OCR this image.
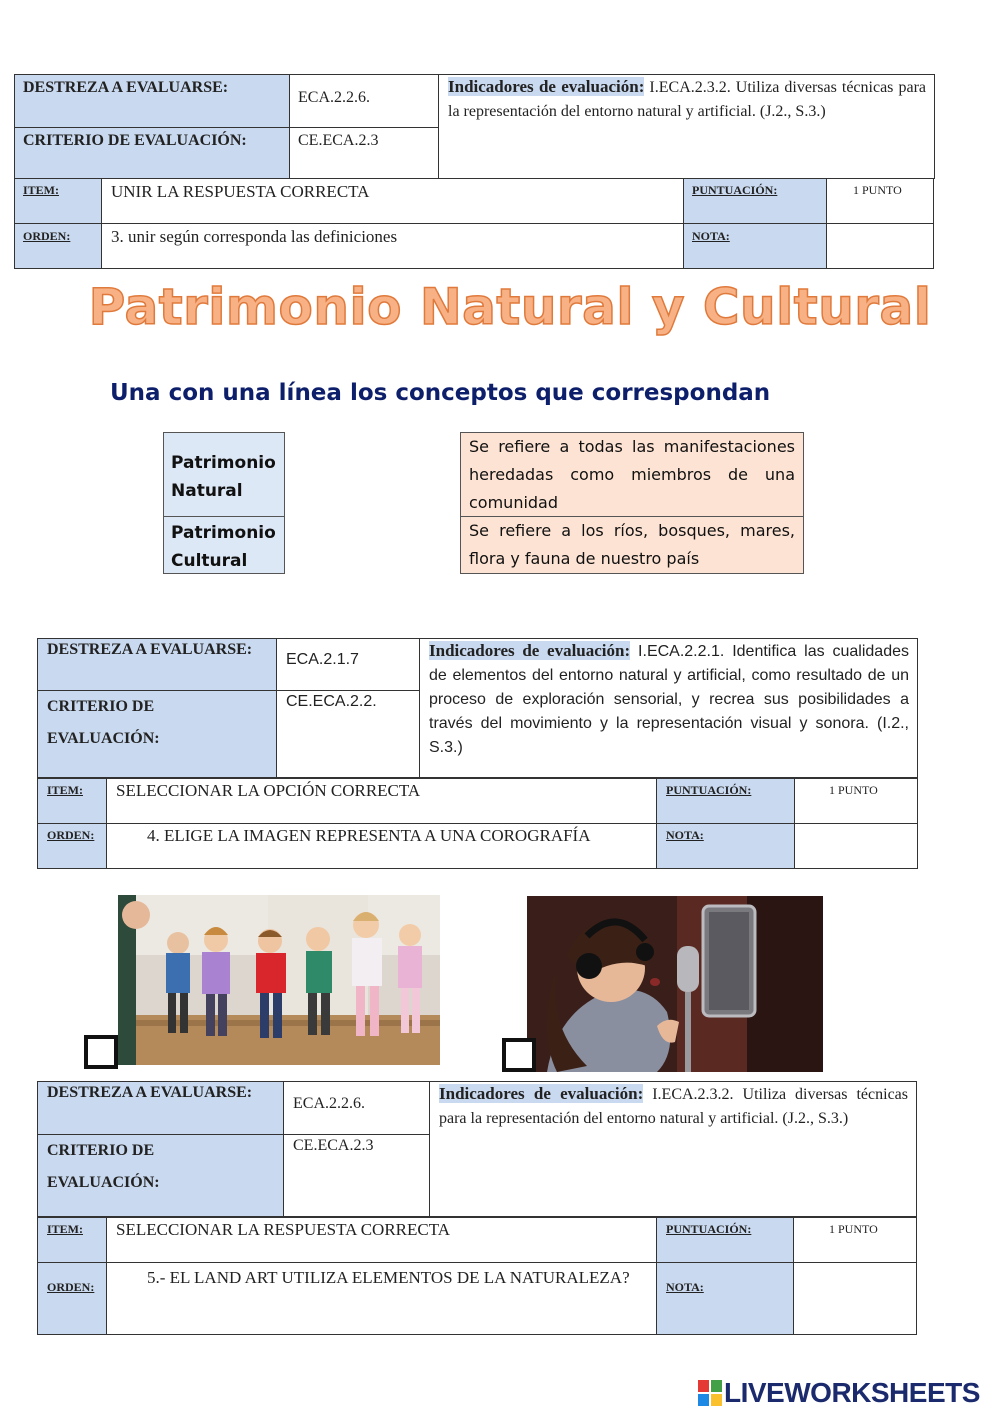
DESTREZA A EVALUARSE:
ECA.2.2.6.
CRITERIO DE EVALUACIÓN:	CE.ECA.2.3
Indicadores de evaluación: I.ECA.2.3.2. Utiliza diversas técnicas para la representación del entorno natural y artificial. (J.2., S.3.)
ITEM:	UNIR LA RESPUESTA CORRECTA	PUNTUACIÓN:	1 PUNTO
ORDEN: 3. unir según corresponda las definiciones	NOTA:
Patrimonio Natural y Cultural
Una con una línea los conceptos que correspondan
Patrimonio Natural
Patrimonio Cultural
Se refiere a todas las manifestaciones heredadas como miembros de una comunidad
Se refiere a los ríos, bosques, mares, flora y fauna de nuestro país
DESTREZA A EVALUARSE:
ECA.2.1.7
CRITERIO DE EVALUACIÓN:
CE.ECA.2.2.
Indicadores de evaluación: I.ECA.2.2.1. Identifica las cualidades de elementos del entorno natural y artificial, como resultado de un proceso de exploración sensorial, y recrea sus posibilidades a través del movimiento y la representación visual y sonora. (I.2., S.3.)
ITEM: SELECCIONAR LA OPCIÓN CORRECTA	PUNTUACIÓN:	1 PUNTO
ORDEN:	4. ELIGE LA IMAGEN REPRESENTA A UNA COROGRAFÍA	NOTA:
DESTREZA A EVALUARSE:
ECA.2.2.6.
CRITERIO DE EVALUACIÓN:
CE.ECA.2.3
Indicadores de evaluación: I.ECA.2.3.2. Utiliza diversas técnicas para la representación del entorno natural y artificial. (J.2., S.3.)
ITEM: SELECCIONAR LA RESPUESTA CORRECTA	PUNTUACIÓN:	1 PUNTO
ORDEN:	5.- EL LAND ART UTILIZA ELEMENTOS DE LA NATURALEZA?	NOTA:
LIVEWORKSHEETS
